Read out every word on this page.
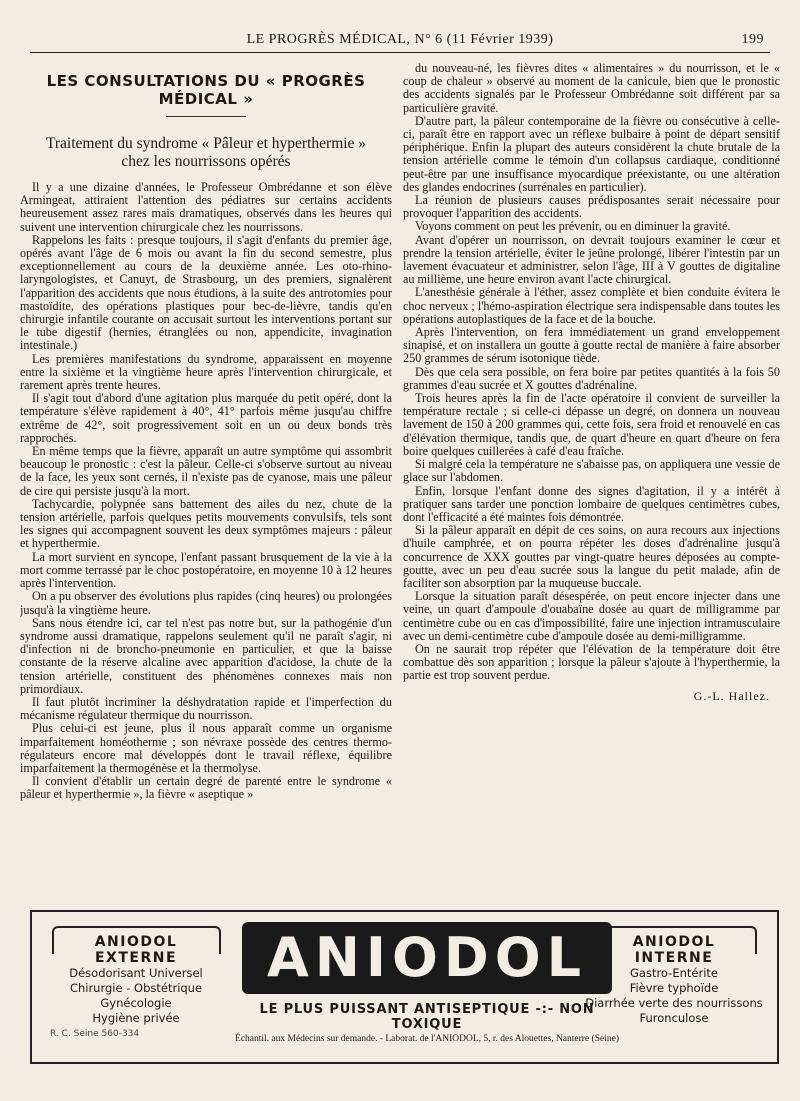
LE PROGRÈS MÉDICAL, N° 6 (11 Février 1939)	199
LES CONSULTATIONS DU « PROGRÈS MÉDICAL »
Traitement du syndrome « Pâleur et hyperthermie »
chez les nourrissons opérés

Il y a une dizaine d'années, le Professeur Ombrédanne et son élève Armingeat, attiraient l'attention des pédiatres sur certains accidents heureusement assez rares mais dramatiques, observés dans les heures qui suivent une intervention chirurgicale chez les nourrissons.

Rappelons les faits : presque toujours, il s'agit d'enfants du premier âge, opérés avant l'âge de 6 mois ou avant la fin du second semestre, plus exceptionnellement au cours de la deuxième année. Les oto-rhino-laryngologistes, et Canuyt, de Strasbourg, un des premiers, signalèrent l'apparition des accidents que nous étudions, à la suite des antrotomies pour mastoïdite, des opérations plastiques pour bec-de-lièvre, tandis qu'en chirurgie infantile courante on accusait surtout les interventions portant sur le tube digestif (hernies, étranglées ou non, appendicite, invagination intestinale.)

Les premières manifestations du syndrome, apparaissent en moyenne entre la sixième et la vingtième heure après l'intervention chirurgicale, et rarement après trente heures.

Il s'agit tout d'abord d'une agitation plus marquée du petit opéré, dont la température s'élève rapidement à 40°, 41° parfois même jusqu'au chiffre extrême de 42°, soit progressivement soit en un ou deux bonds très rapprochés.

En même temps que la fièvre, apparaît un autre symptôme qui assombrit beaucoup le pronostic : c'est la pâleur. Celle-ci s'observe surtout au niveau de la face, les yeux sont cernés, il n'existe pas de cyanose, mais une pâleur de cire qui persiste jusqu'à la mort.

Tachycardie, polypnée sans battement des ailes du nez, chute de la tension artérielle, parfois quelques petits mouvements convulsifs, tels sont les signes qui accompagnent souvent les deux symptômes majeurs : pâleur et hyperthermie.

La mort survient en syncope, l'enfant passant brusquement de la vie à la mort comme terrassé par le choc postopératoire, en moyenne 10 à 12 heures après l'intervention.

On a pu observer des évolutions plus rapides (cinq heures) ou prolongées jusqu'à la vingtième heure.

Sans nous étendre ici, car tel n'est pas notre but, sur la pathogénie d'un syndrome aussi dramatique, rappelons seulement qu'il ne paraît s'agir, ni d'infection ni de broncho-pneumonie en particulier, et que la baisse constante de la réserve alcaline avec apparition d'acidose, la chute de la tension artérielle, constituent des phénomènes connexes mais non primordiaux.

Il faut plutôt incriminer la déshydratation rapide et l'imperfection du mécanisme régulateur thermique du nourrisson.

Plus celui-ci est jeune, plus il nous apparaît comme un organisme imparfaitement homéotherme ; son névraxe possède des centres thermo-régulateurs encore mal développés dont le travail réflexe, équilibre imparfaitement la thermogénèse et la thermolyse.

Il convient d'établir un certain degré de parenté entre le syndrome « pâleur et hyperthermie », la fièvre « aseptique »

du nouveau-né, les fièvres dites « alimentaires » du nourrisson, et le « coup de chaleur » observé au moment de la canicule, bien que le pronostic des accidents signalés par le Professeur Ombrédanne soit différent par sa particulière gravité.

D'autre part, la pâleur contemporaine de la fièvre ou consécutive à celle-ci, paraît être en rapport avec un réflexe bulbaire à point de départ sensitif périphérique. Enfin la plupart des auteurs considèrent la chute brutale de la tension artérielle comme le témoin d'un collapsus cardiaque, conditionné peut-être par une insuffisance myocardique préexistante, ou une altération des glandes endocrines (surrénales en particulier).

La réunion de plusieurs causes prédisposantes serait nécessaire pour provoquer l'apparition des accidents.

Voyons comment on peut les prévenir, ou en diminuer la gravité.

Avant d'opérer un nourrisson, on devrait toujours examiner le cœur et prendre la tension artérielle, éviter le jeûne prolongé, libérer l'intestin par un lavement évacuateur et administrer, selon l'âge, III à V gouttes de digitaline au millième, une heure environ avant l'acte chirurgical.

L'anesthésie générale à l'éther, assez complète et bien conduite évitera le choc nerveux ; l'hémo-aspiration électrique sera indispensable dans toutes les opérations autoplastiques de la face et de la bouche.

Après l'intervention, on fera immédiatement un grand enveloppement sinapisé, et on installera un goutte à goutte rectal de manière à faire absorber 250 grammes de sérum isotonique tiède.

Dès que cela sera possible, on fera boire par petites quantités à la fois 50 grammes d'eau sucrée et X gouttes d'adrénaline.

Trois heures après la fin de l'acte opératoire il convient de surveiller la température rectale ; si celle-ci dépasse un degré, on donnera un nouveau lavement de 150 à 200 grammes qui, cette fois, sera froid et renouvelé en cas d'élévation thermique, tandis que, de quart d'heure en quart d'heure on fera boire quelques cuillerées à café d'eau fraîche.

Si malgré cela la température ne s'abaisse pas, on appliquera une vessie de glace sur l'abdomen.

Enfin, lorsque l'enfant donne des signes d'agitation, il y a intérêt à pratiquer sans tarder une ponction lombaire de quelques centimètres cubes, dont l'efficacité a été maintes fois démontrée.

Si la pâleur apparaît en dépit de ces soins, on aura recours aux injections d'huile camphrée, et on pourra répéter les doses d'adrénaline jusqu'à concurrence de XXX gouttes par vingt-quatre heures déposées au compte-goutte, avec un peu d'eau sucrée sous la langue du petit malade, afin de faciliter son absorption par la muqueuse buccale.

Lorsque la situation paraît désespérée, on peut encore injecter dans une veine, un quart d'ampoule d'ouabaïne dosée au quart de milligramme par centimètre cube ou en cas d'impossibilité, faire une injection intramusculaire avec un demi-centimètre cube d'ampoule dosée au demi-milligramme.

On ne saurait trop répéter que l'élévation de la température doit être combattue dès son apparition ; lorsque la pâleur s'ajoute à l'hyperthermie, la partie est trop souvent perdue.

G.-L. Hallez.
ANIODOL
EXTERNE
Désodorisant Universel
Chirurgie - Obstétrique
Gynécologie
Hygiène privée
R. C. Seine 560-334
ANIODOL
LE PLUS PUISSANT ANTISEPTIQUE -:- NON TOXIQUE
Échantil. aux Médecins sur demande. - Laborat. de l'ANIODOL, 5, r. des Alouettes, Nanterre (Seine)
ANIODOL
INTERNE
Gastro-Entérite
Fièvre typhoïde
Diarrhée verte des nourrissons
Furonculose
